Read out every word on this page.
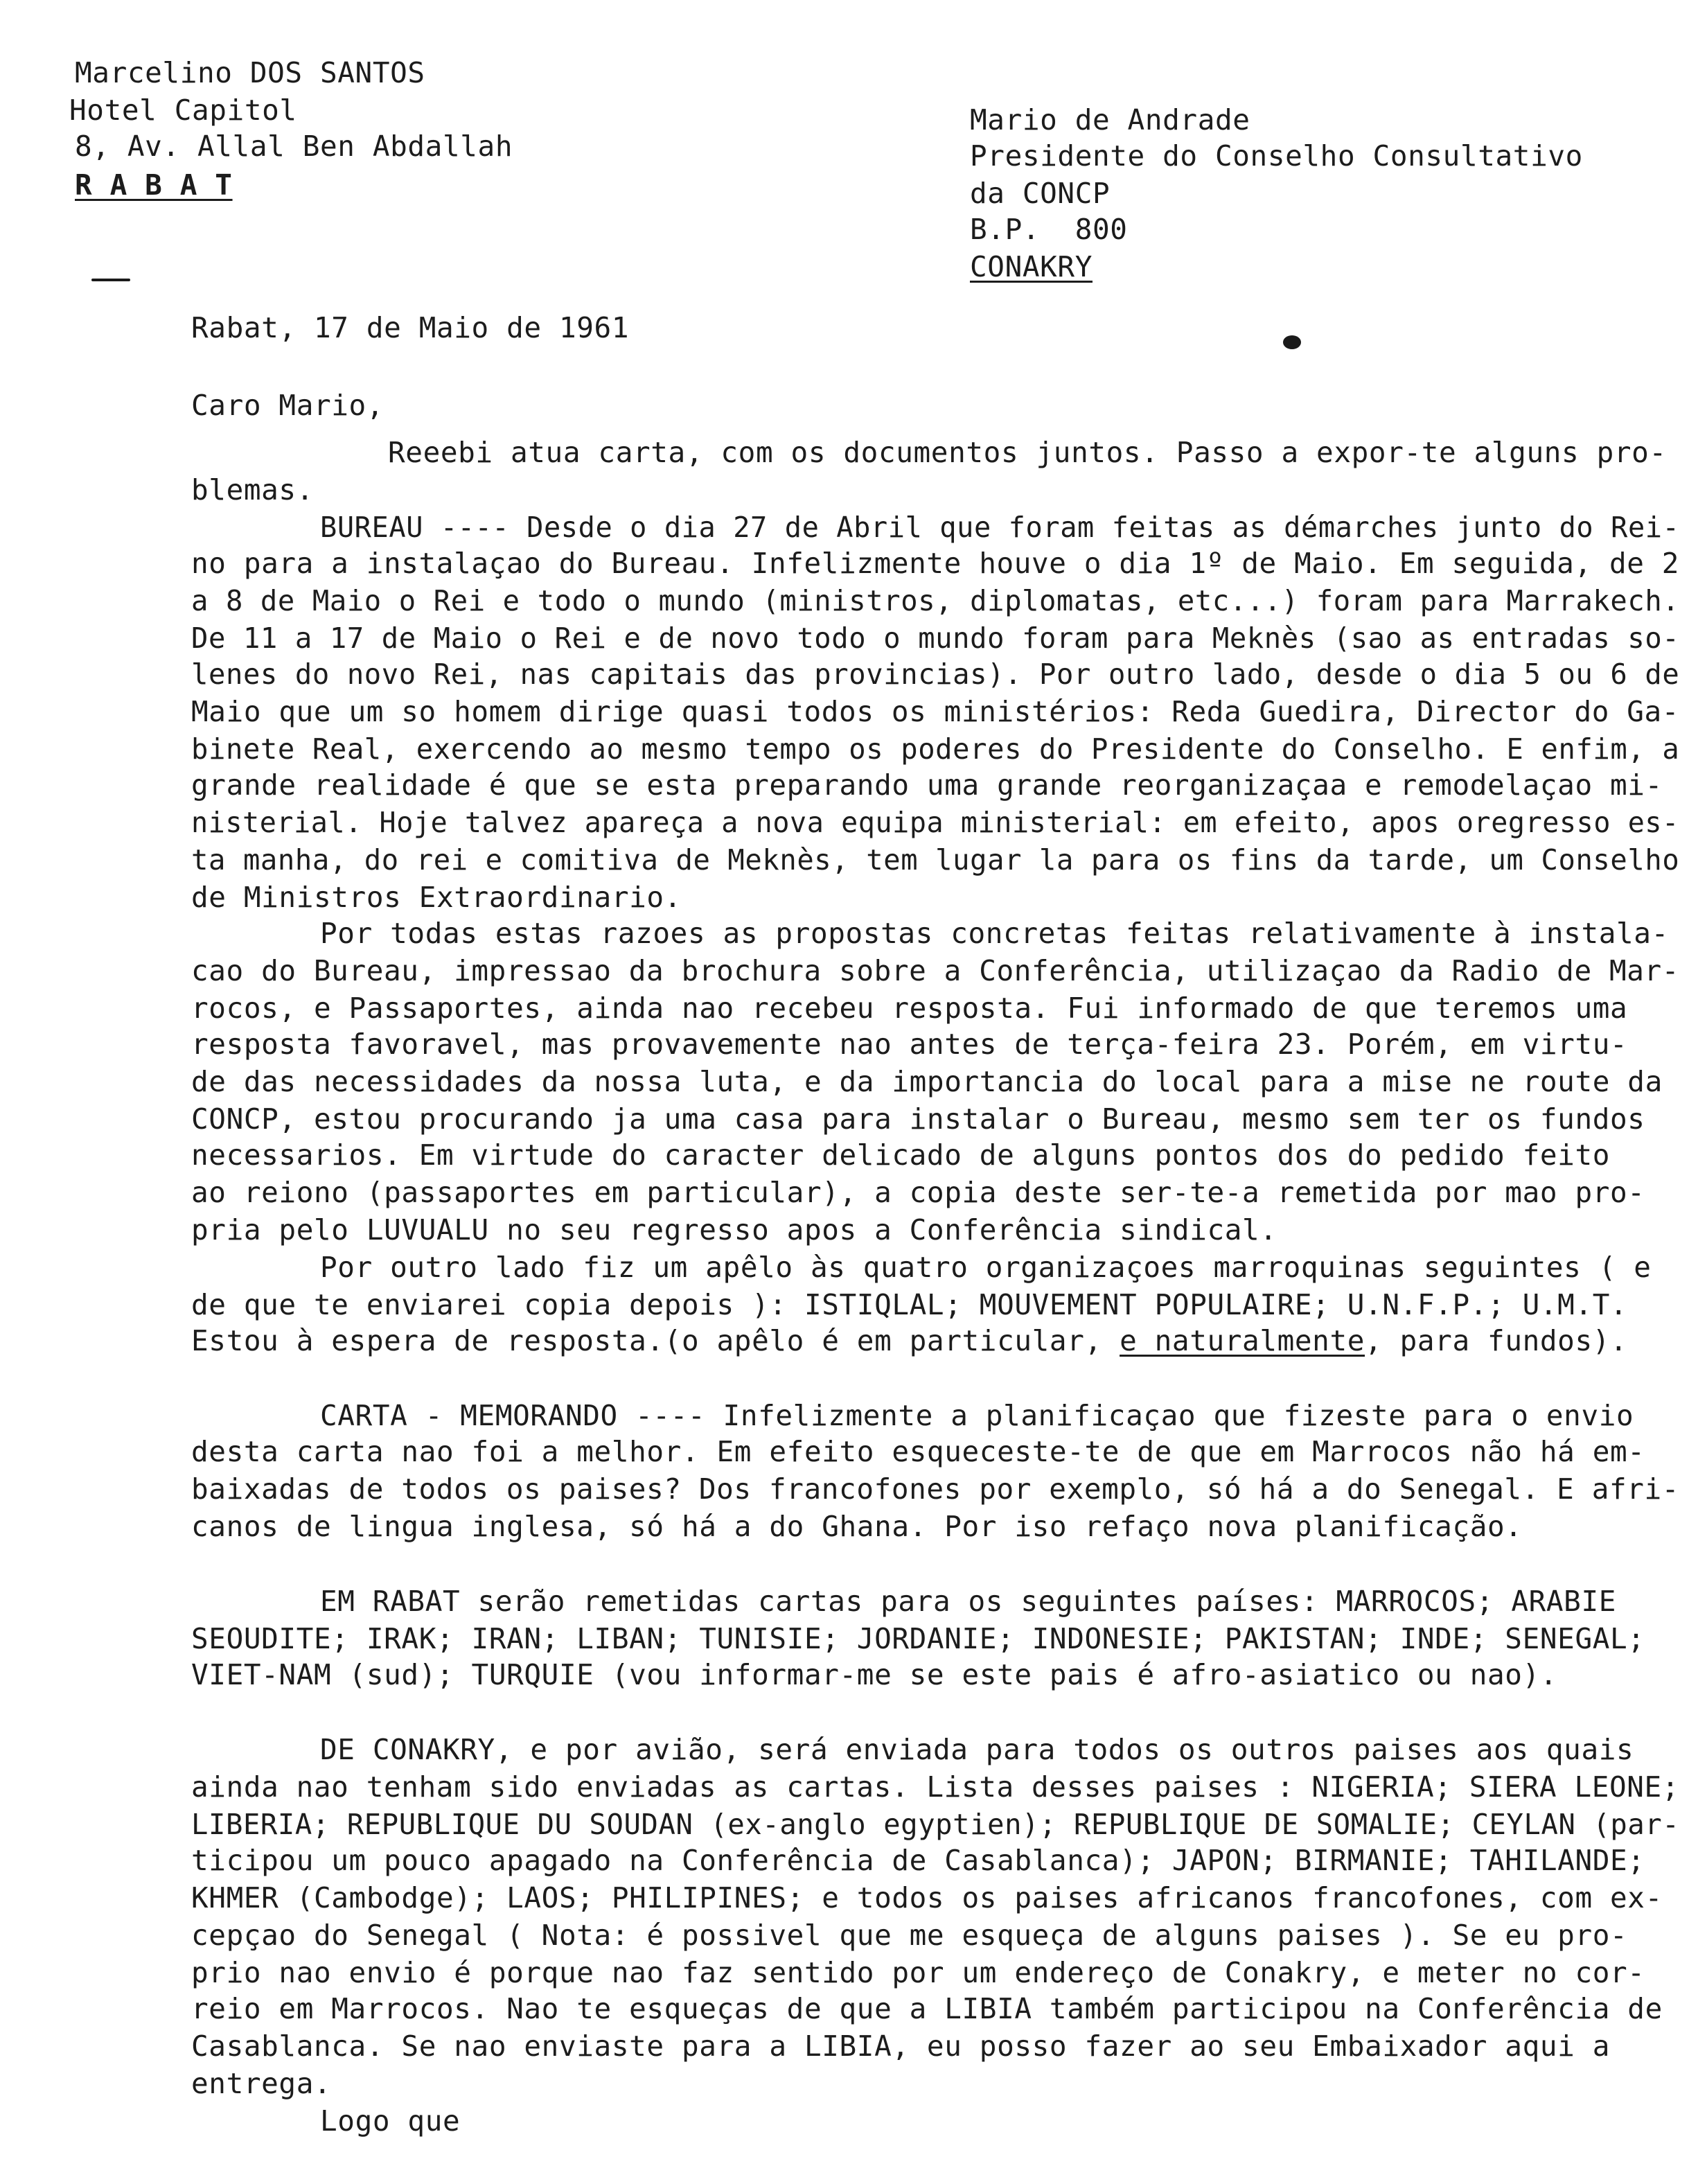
Marcelino DOS SANTOS
Hotel Capitol
8, Av. Allal Ben Abdallah
R A B A T
Mario de Andrade
Presidente do Conselho Consultativo
da CONCP
B.P.  800
CONAKRY
Rabat, 17 de Maio de 1961
Caro Mario,
Reeebi atua carta, com os documentos juntos. Passo a expor-te alguns pro-
blemas.
BUREAU ---- Desde o dia 27 de Abril que foram feitas as démarches junto do Rei-
no para a instalaçao do Bureau. Infelizmente houve o dia 1º de Maio. Em seguida, de 2
a 8 de Maio o Rei e todo o mundo (ministros, diplomatas, etc...) foram para Marrakech.
De 11 a 17 de Maio o Rei e de novo todo o mundo foram para Meknès (sao as entradas so-
lenes do novo Rei, nas capitais das provincias). Por outro lado, desde o dia 5 ou 6 de
Maio que um so homem dirige quasi todos os ministérios: Reda Guedira, Director do Ga-
binete Real, exercendo ao mesmo tempo os poderes do Presidente do Conselho. E enfim, a
grande realidade é que se esta preparando uma grande reorganizaçaa e remodelaçao mi-
nisterial. Hoje talvez apareça a nova equipa ministerial: em efeito, apos oregresso es-
ta manha, do rei e comitiva de Meknès, tem lugar la para os fins da tarde, um Conselho
de Ministros Extraordinario.
Por todas estas razoes as propostas concretas feitas relativamente à instala-
cao do Bureau, impressao da brochura sobre a Conferência, utilizaçao da Radio de Mar-
rocos, e Passaportes, ainda nao recebeu resposta. Fui informado de que teremos uma
resposta favoravel, mas provavemente nao antes de terça-feira 23. Porém, em virtu-
de das necessidades da nossa luta, e da importancia do local para a mise ne route da
CONCP, estou procurando ja uma casa para instalar o Bureau, mesmo sem ter os fundos
necessarios. Em virtude do caracter delicado de alguns pontos dos do pedido feito
ao reiono (passaportes em particular), a copia deste ser-te-a remetida por mao pro-
pria pelo LUVUALU no seu regresso apos a Conferência sindical.
Por outro lado fiz um apêlo às quatro organizaçoes marroquinas seguintes ( e
de que te enviarei copia depois ): ISTIQLAL; MOUVEMENT POPULAIRE; U.N.F.P.; U.M.T.
Estou à espera de resposta.(o apêlo é em particular, e naturalmente, para fundos).
CARTA - MEMORANDO ---- Infelizmente a planificaçao que fizeste para o envio
desta carta nao foi a melhor. Em efeito esqueceste-te de que em Marrocos não há em-
baixadas de todos os paises? Dos francofones por exemplo, só há a do Senegal. E afri-
canos de lingua inglesa, só há a do Ghana. Por iso refaço nova planificação.
EM RABAT serão remetidas cartas para os seguintes países: MARROCOS; ARABIE
SEOUDITE; IRAK; IRAN; LIBAN; TUNISIE; JORDANIE; INDONESIE; PAKISTAN; INDE; SENEGAL;
VIET-NAM (sud); TURQUIE (vou informar-me se este pais é afro-asiatico ou nao).
DE CONAKRY, e por avião, será enviada para todos os outros paises aos quais
ainda nao tenham sido enviadas as cartas. Lista desses paises : NIGERIA; SIERA LEONE;
LIBERIA; REPUBLIQUE DU SOUDAN (ex-anglo egyptien); REPUBLIQUE DE SOMALIE; CEYLAN (par-
ticipou um pouco apagado na Conferência de Casablanca); JAPON; BIRMANIE; TAHILANDE;
KHMER (Cambodge); LAOS; PHILIPINES; e todos os paises africanos francofones, com ex-
cepçao do Senegal ( Nota: é possivel que me esqueça de alguns paises ). Se eu pro-
prio nao envio é porque nao faz sentido por um endereço de Conakry, e meter no cor-
reio em Marrocos. Nao te esqueças de que a LIBIA também participou na Conferência de
Casablanca. Se nao enviaste para a LIBIA, eu posso fazer ao seu Embaixador aqui a
entrega.
Logo que
